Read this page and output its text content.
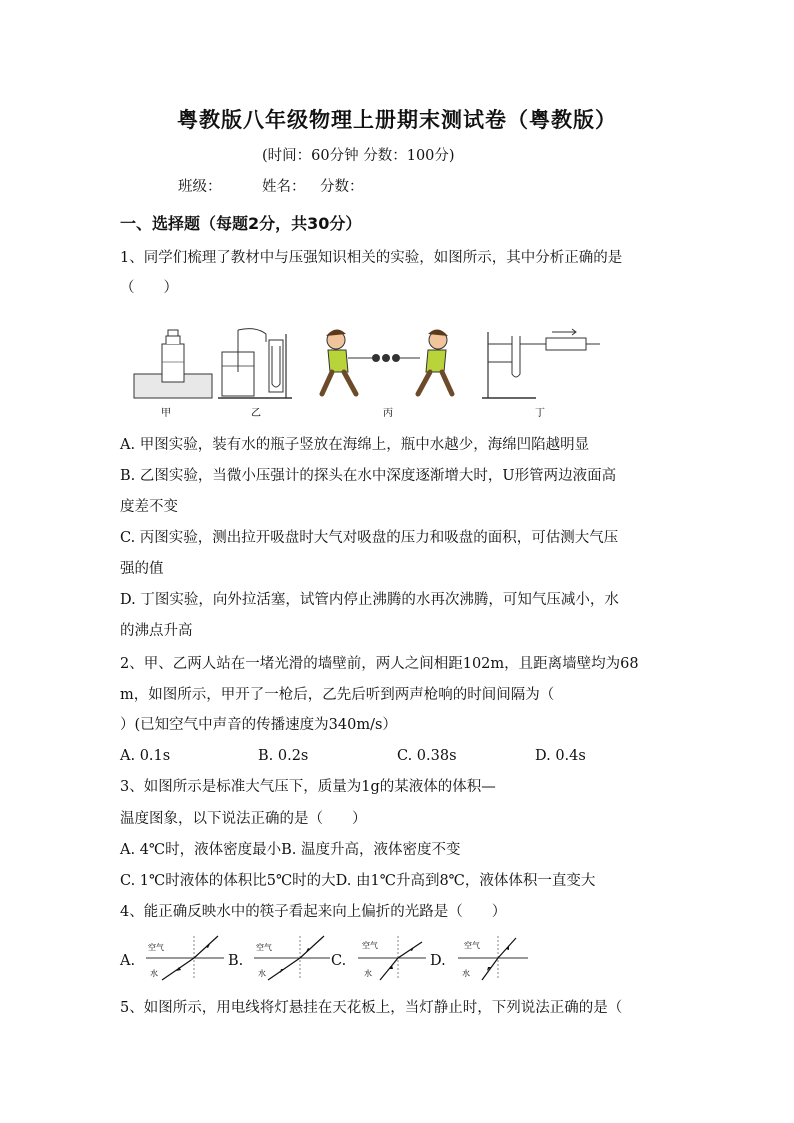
粤教版八年级物理上册期末测试卷（粤教版）
(时间：60分钟 分数：100分)
班级：	姓名： 分数：
一、选择题（每题2分，共30分）
1、同学们梳理了教材中与压强知识相关的实验，如图所示，其中分析正确的是
（　　）
甲	乙	丙	丁
A. 甲图实验，装有水的瓶子竖放在海绵上，瓶中水越少，海绵凹陷越明显
B. 乙图实验，当微小压强计的探头在水中深度逐渐增大时，U形管两边液面高
度差不变
C. 丙图实验，测出拉开吸盘时大气对吸盘的压力和吸盘的面积，可估测大气压
强的值
D. 丁图实验，向外拉活塞，试管内停止沸腾的水再次沸腾，可知气压减小，水
的沸点升高
2、甲、乙两人站在一堵光滑的墙壁前，两人之间相距102m，且距离墙壁均为68
m，如图所示，甲开了一枪后，乙先后听到两声枪响的时间间隔为（
）(已知空气中声音的传播速度为340m/s）
A. 0.1s	B. 0.2s	C. 0.38s	D. 0.4s
3、如图所示是标准大气压下，质量为1g的某液体的体积—
温度图象，以下说法正确的是（　　）
A. 4℃时，液体密度最小B. 温度升高，液体密度不变
C. 1℃时液体的体积比5℃时的大D. 由1℃升高到8℃，液体体积一直变大
4、能正确反映水中的筷子看起来向上偏折的光路是（　　）
A.	B.	C.	D.
空气
水
空气
水
空气
水
空气
水
5、如图所示，用电线将灯悬挂在天花板上，当灯静止时，下列说法正确的是（
